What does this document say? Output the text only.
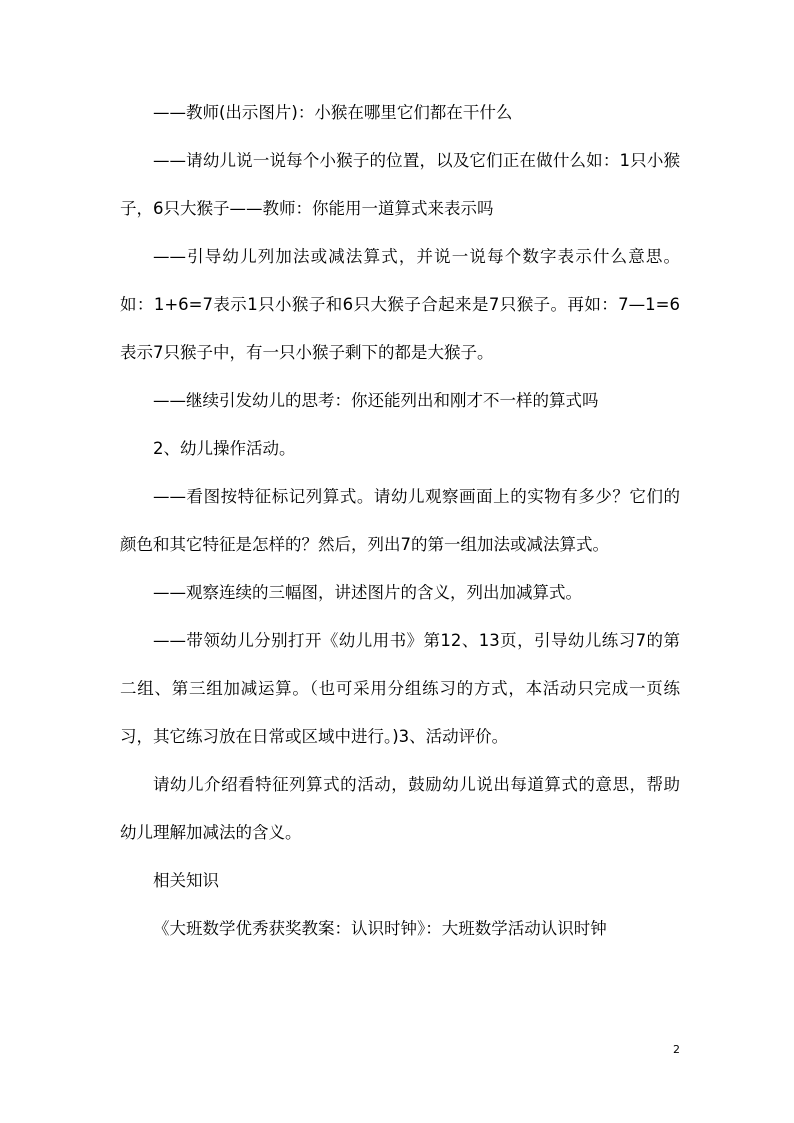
——教师(出示图片)：小猴在哪里它们都在干什么

——请幼儿说一说每个小猴子的位置，以及它们正在做什么如：1只小猴子，6只大猴子——教师：你能用一道算式来表示吗

——引导幼儿列加法或减法算式，并说一说每个数字表示什么意思。如：1+6=7表示1只小猴子和6只大猴子合起来是7只猴子。再如：7—1=6表示7只猴子中，有一只小猴子剩下的都是大猴子。

——继续引发幼儿的思考：你还能列出和刚才不一样的算式吗

2、幼儿操作活动。

——看图按特征标记列算式。请幼儿观察画面上的实物有多少？它们的颜色和其它特征是怎样的？然后，列出7的第一组加法或减法算式。

——观察连续的三幅图，讲述图片的含义，列出加减算式。

——带领幼儿分别打开《幼儿用书》第12、13页，引导幼儿练习7的第二组、第三组加减运算。（也可采用分组练习的方式，本活动只完成一页练习，其它练习放在日常或区域中进行。)3、活动评价。

请幼儿介绍看特征列算式的活动，鼓励幼儿说出每道算式的意思，帮助幼儿理解加减法的含义。

相关知识

《大班数学优秀获奖教案：认识时钟》：大班数学活动认识时钟

2
